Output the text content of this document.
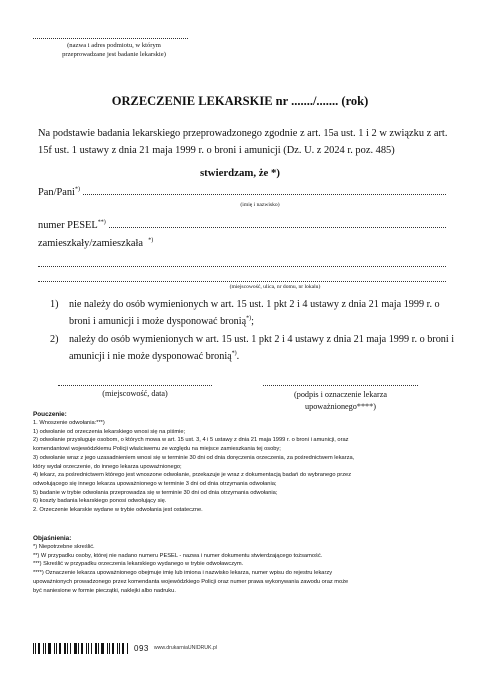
(nazwa i adres podmiotu, w którym
przeprowadzane jest badanie lekarskie)
ORZECZENIE LEKARSKIE nr ......./....... (rok)
Na podstawie badania lekarskiego przeprowadzonego zgodnie z art. 15a ust. 1 i 2 w związku z art. 15f ust. 1 ustawy z dnia 21 maja 1999 r. o broni i amunicji (Dz. U. z 2024 r. poz. 485)
stwierdzam, że *)
Pan/Pani*)
(imię i nazwisko)
numer PESEL**)
zamieszkały/zamieszkała *)
(miejscowość, ulica, nr domu, nr lokalu)
1)	nie należy do osób wymienionych w art. 15 ust. 1 pkt 2 i 4 ustawy z dnia 21 maja 1999 r. o broni i amunicji i może dysponować bronią*);
2)	należy do osób wymienionych w art. 15 ust. 1 pkt 2 i 4 ustawy z dnia 21 maja 1999 r. o broni i amunicji i nie może dysponować bronią*).
(miejscowość, data)	(podpis i oznaczenie lekarza
upoważnionego****)
Pouczenie:
1. Wnoszenie odwołania:***)
1) odwołanie od orzeczenia lekarskiego wnosi się na piśmie;
2) odwołanie przysługuje osobom, o których mowa w art. 15 ust. 3, 4 i 5 ustawy z dnia 21 maja 1999 r. o broni i amunicji, oraz
komendantowi wojewódzkiemu Policji właściwemu ze względu na miejsce zamieszkania tej osoby;
3) odwołanie wraz z jego uzasadnieniem wnosi się w terminie 30 dni od dnia doręczenia orzeczenia, za pośrednictwem lekarza,
który wydał orzeczenie, do innego lekarza upoważnionego;
4) lekarz, za pośrednictwem którego jest wnoszone odwołanie, przekazuje je wraz z dokumentacją badań do wybranego przez
odwołującego się innego lekarza upoważnionego w terminie 3 dni od dnia otrzymania odwołania;
5) badanie w trybie odwołania przeprowadza się w terminie 30 dni od dnia otrzymania odwołania;
6) koszty badania lekarskiego ponosi odwołujący się.
2. Orzeczenie lekarskie wydane w trybie odwołania jest ostateczne.
Objaśnienia:
*) Niepotrzebne skreślić.
**) W przypadku osoby, której nie nadano numeru PESEL - nazwa i numer dokumentu stwierdzającego tożsamość.
***) Skreślić w przypadku orzeczenia lekarskiego wydanego w trybie odwoławczym.
****) Oznaczenie lekarza upoważnionego obejmuje imię lub imiona i nazwisko lekarza, numer wpisu do rejestru lekarzy
upoważnionych prowadzonego przez komendanta wojewódzkiego Policji oraz numer prawa wykonywania zawodu oraz może
być naniesione w formie pieczątki, naklejki albo nadruku.
093 www.drukarniaUNIDRUK.pl
